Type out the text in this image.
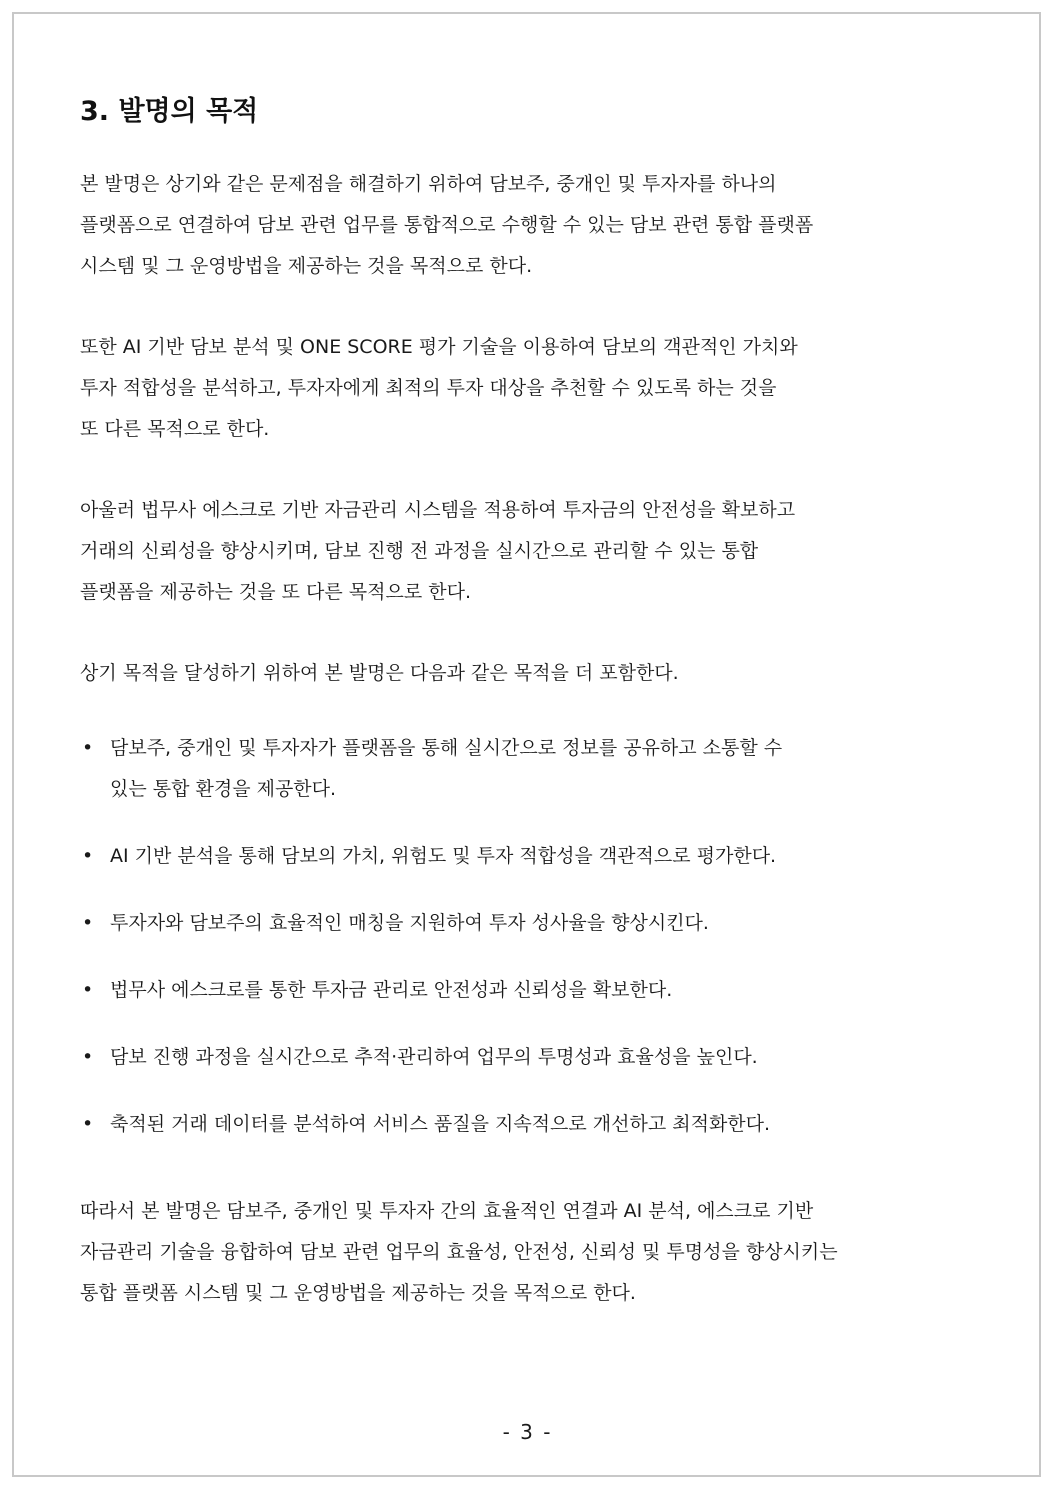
3. 발명의 목적

본 발명은 상기와 같은 문제점을 해결하기 위하여 담보주, 중개인 및 투자자를 하나의
플랫폼으로 연결하여 담보 관련 업무를 통합적으로 수행할 수 있는 담보 관련 통합 플랫폼
시스템 및 그 운영방법을 제공하는 것을 목적으로 한다.

또한 AI 기반 담보 분석 및 ONE SCORE 평가 기술을 이용하여 담보의 객관적인 가치와
투자 적합성을 분석하고, 투자자에게 최적의 투자 대상을 추천할 수 있도록 하는 것을
또 다른 목적으로 한다.

아울러 법무사 에스크로 기반 자금관리 시스템을 적용하여 투자금의 안전성을 확보하고
거래의 신뢰성을 향상시키며, 담보 진행 전 과정을 실시간으로 관리할 수 있는 통합
플랫폼을 제공하는 것을 또 다른 목적으로 한다.

상기 목적을 달성하기 위하여 본 발명은 다음과 같은 목적을 더 포함한다.

• 담보주, 중개인 및 투자자가 플랫폼을 통해 실시간으로 정보를 공유하고 소통할 수
있는 통합 환경을 제공한다.
• AI 기반 분석을 통해 담보의 가치, 위험도 및 투자 적합성을 객관적으로 평가한다.
• 투자자와 담보주의 효율적인 매칭을 지원하여 투자 성사율을 향상시킨다.
• 법무사 에스크로를 통한 투자금 관리로 안전성과 신뢰성을 확보한다.
• 담보 진행 과정을 실시간으로 추적·관리하여 업무의 투명성과 효율성을 높인다.
• 축적된 거래 데이터를 분석하여 서비스 품질을 지속적으로 개선하고 최적화한다.

따라서 본 발명은 담보주, 중개인 및 투자자 간의 효율적인 연결과 AI 분석, 에스크로 기반
자금관리 기술을 융합하여 담보 관련 업무의 효율성, 안전성, 신뢰성 및 투명성을 향상시키는
통합 플랫폼 시스템 및 그 운영방법을 제공하는 것을 목적으로 한다.

- 3 -
